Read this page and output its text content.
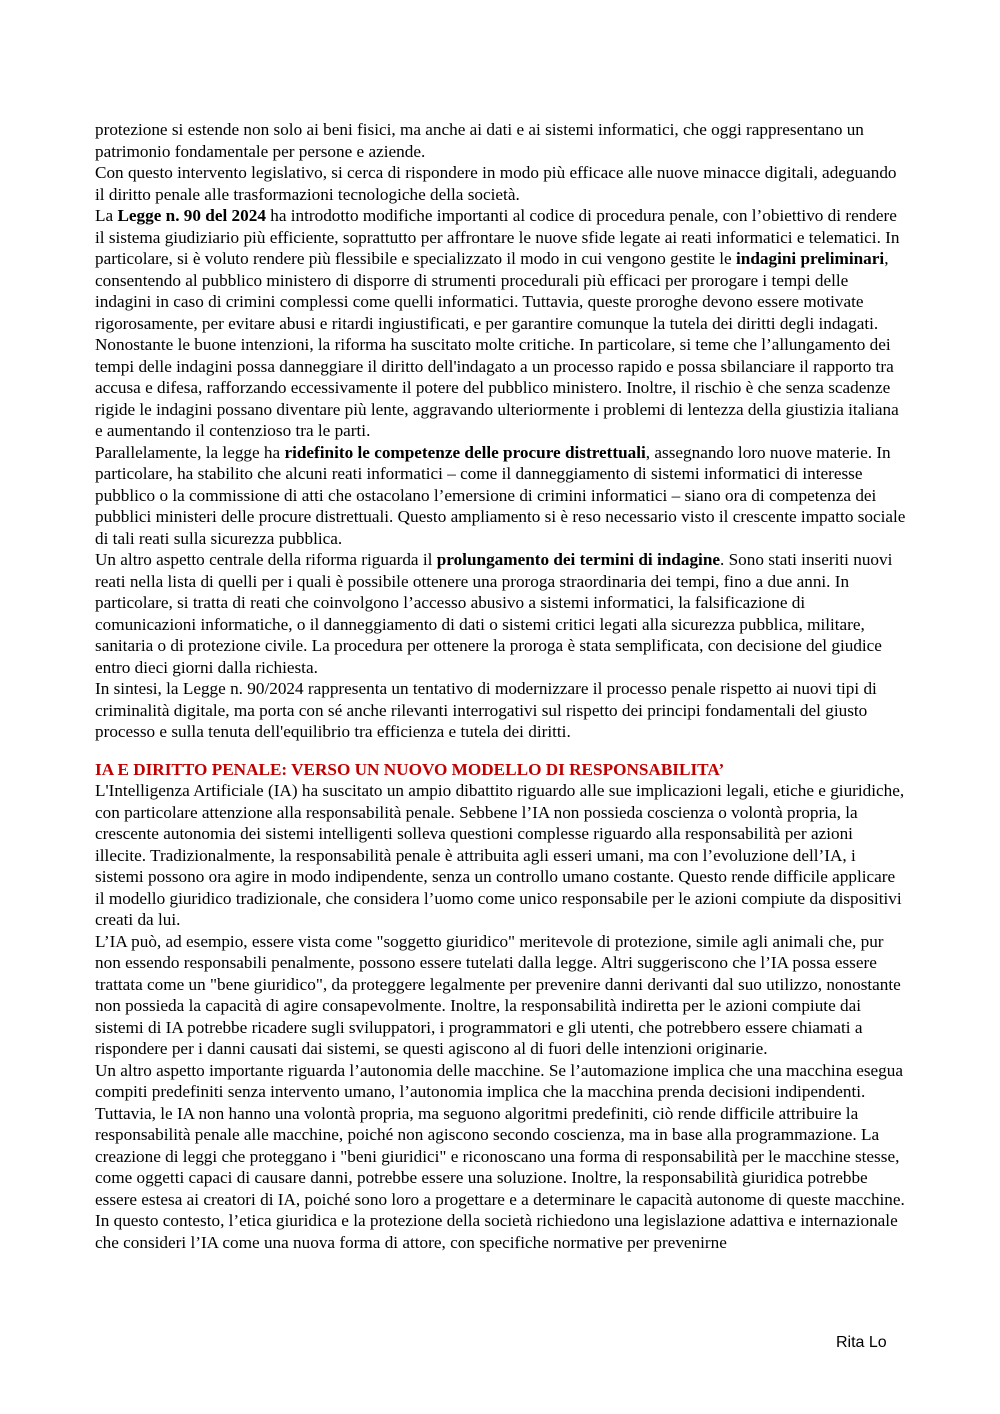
protezione si estende non solo ai beni fisici, ma anche ai dati e ai sistemi informatici, che oggi rappresentano un patrimonio fondamentale per persone e aziende.

Con questo intervento legislativo, si cerca di rispondere in modo più efficace alle nuove minacce digitali, adeguando il diritto penale alle trasformazioni tecnologiche della società.

La Legge n. 90 del 2024 ha introdotto modifiche importanti al codice di procedura penale, con l’obiettivo di rendere il sistema giudiziario più efficiente, soprattutto per affrontare le nuove sfide legate ai reati informatici e telematici. In particolare, si è voluto rendere più flessibile e specializzato il modo in cui vengono gestite le indagini preliminari, consentendo al pubblico ministero di disporre di strumenti procedurali più efficaci per prorogare i tempi delle indagini in caso di crimini complessi come quelli informatici. Tuttavia, queste proroghe devono essere motivate rigorosamente, per evitare abusi e ritardi ingiustificati, e per garantire comunque la tutela dei diritti degli indagati.

Nonostante le buone intenzioni, la riforma ha suscitato molte critiche. In particolare, si teme che l’allungamento dei tempi delle indagini possa danneggiare il diritto dell'indagato a un processo rapido e possa sbilanciare il rapporto tra accusa e difesa, rafforzando eccessivamente il potere del pubblico ministero. Inoltre, il rischio è che senza scadenze rigide le indagini possano diventare più lente, aggravando ulteriormente i problemi di lentezza della giustizia italiana e aumentando il contenzioso tra le parti.

Parallelamente, la legge ha ridefinito le competenze delle procure distrettuali, assegnando loro nuove materie. In particolare, ha stabilito che alcuni reati informatici – come il danneggiamento di sistemi informatici di interesse pubblico o la commissione di atti che ostacolano l’emersione di crimini informatici – siano ora di competenza dei pubblici ministeri delle procure distrettuali. Questo ampliamento si è reso necessario visto il crescente impatto sociale di tali reati sulla sicurezza pubblica.

Un altro aspetto centrale della riforma riguarda il prolungamento dei termini di indagine. Sono stati inseriti nuovi reati nella lista di quelli per i quali è possibile ottenere una proroga straordinaria dei tempi, fino a due anni. In particolare, si tratta di reati che coinvolgono l’accesso abusivo a sistemi informatici, la falsificazione di comunicazioni informatiche, o il danneggiamento di dati o sistemi critici legati alla sicurezza pubblica, militare, sanitaria o di protezione civile. La procedura per ottenere la proroga è stata semplificata, con decisione del giudice entro dieci giorni dalla richiesta.

In sintesi, la Legge n. 90/2024 rappresenta un tentativo di modernizzare il processo penale rispetto ai nuovi tipi di criminalità digitale, ma porta con sé anche rilevanti interrogativi sul rispetto dei principi fondamentali del giusto processo e sulla tenuta dell'equilibrio tra efficienza e tutela dei diritti.

IA E DIRITTO PENALE: VERSO UN NUOVO MODELLO DI RESPONSABILITA’

L'Intelligenza Artificiale (IA) ha suscitato un ampio dibattito riguardo alle sue implicazioni legali, etiche e giuridiche, con particolare attenzione alla responsabilità penale. Sebbene l’IA non possieda coscienza o volontà propria, la crescente autonomia dei sistemi intelligenti solleva questioni complesse riguardo alla responsabilità per azioni illecite. Tradizionalmente, la responsabilità penale è attribuita agli esseri umani, ma con l’evoluzione dell’IA, i sistemi possono ora agire in modo indipendente, senza un controllo umano costante. Questo rende difficile applicare il modello giuridico tradizionale, che considera l’uomo come unico responsabile per le azioni compiute da dispositivi creati da lui.

L’IA può, ad esempio, essere vista come "soggetto giuridico" meritevole di protezione, simile agli animali che, pur non essendo responsabili penalmente, possono essere tutelati dalla legge. Altri suggeriscono che l’IA possa essere trattata come un "bene giuridico", da proteggere legalmente per prevenire danni derivanti dal suo utilizzo, nonostante non possieda la capacità di agire consapevolmente. Inoltre, la responsabilità indiretta per le azioni compiute dai sistemi di IA potrebbe ricadere sugli sviluppatori, i programmatori e gli utenti, che potrebbero essere chiamati a rispondere per i danni causati dai sistemi, se questi agiscono al di fuori delle intenzioni originarie.

Un altro aspetto importante riguarda l’autonomia delle macchine. Se l’automazione implica che una macchina esegua compiti predefiniti senza intervento umano, l’autonomia implica che la macchina prenda decisioni indipendenti. Tuttavia, le IA non hanno una volontà propria, ma seguono algoritmi predefiniti, ciò rende difficile attribuire la responsabilità penale alle macchine, poiché non agiscono secondo coscienza, ma in base alla programmazione. La creazione di leggi che proteggano i "beni giuridici" e riconoscano una forma di responsabilità per le macchine stesse, come oggetti capaci di causare danni, potrebbe essere una soluzione. Inoltre, la responsabilità giuridica potrebbe essere estesa ai creatori di IA, poiché sono loro a progettare e a determinare le capacità autonome di queste macchine.

In questo contesto, l’etica giuridica e la protezione della società richiedono una legislazione adattiva e internazionale che consideri l’IA come una nuova forma di attore, con specifiche normative per prevenirne

Rita Lo
